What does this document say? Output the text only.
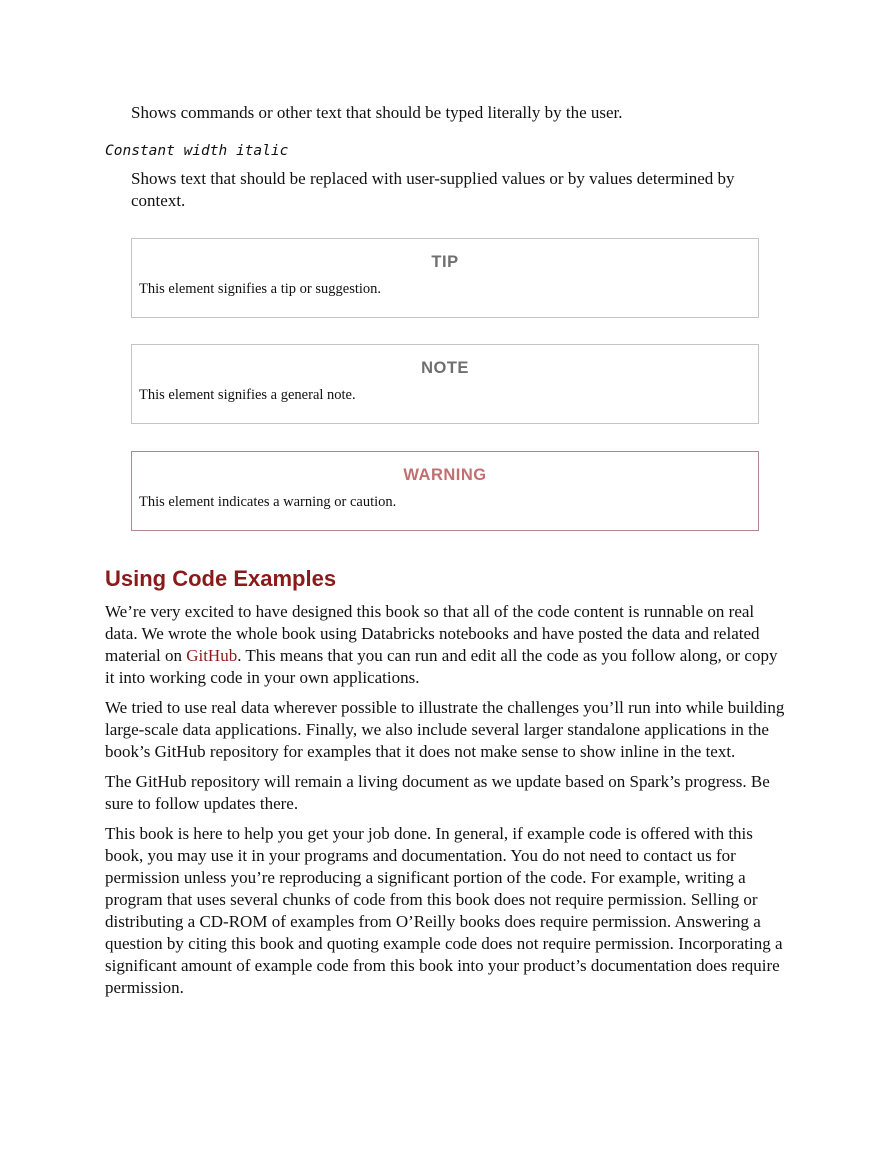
Shows commands or other text that should be typed literally by the user.

Constant width italic

Shows text that should be replaced with user-supplied values or by values determined by context.

TIP
This element signifies a tip or suggestion.
NOTE
This element signifies a general note.
WARNING
This element indicates a warning or caution.
Using Code Examples

We’re very excited to have designed this book so that all of the code content is runnable on real data. We wrote the whole book using Databricks notebooks and have posted the data and related material on GitHub. This means that you can run and edit all the code as you follow along, or copy it into working code in your own applications.

We tried to use real data wherever possible to illustrate the challenges you’ll run into while building large-scale data applications. Finally, we also include several larger standalone applications in the book’s GitHub repository for examples that it does not make sense to show inline in the text.

The GitHub repository will remain a living document as we update based on Spark’s progress. Be sure to follow updates there.

This book is here to help you get your job done. In general, if example code is offered with this book, you may use it in your programs and documentation. You do not need to contact us for permission unless you’re reproducing a significant portion of the code. For example, writing a program that uses several chunks of code from this book does not require permission. Selling or distributing a CD-ROM of examples from O’Reilly books does require permission. Answering a question by citing this book and quoting example code does not require permission. Incorporating a significant amount of example code from this book into your product’s documentation does require permission.
